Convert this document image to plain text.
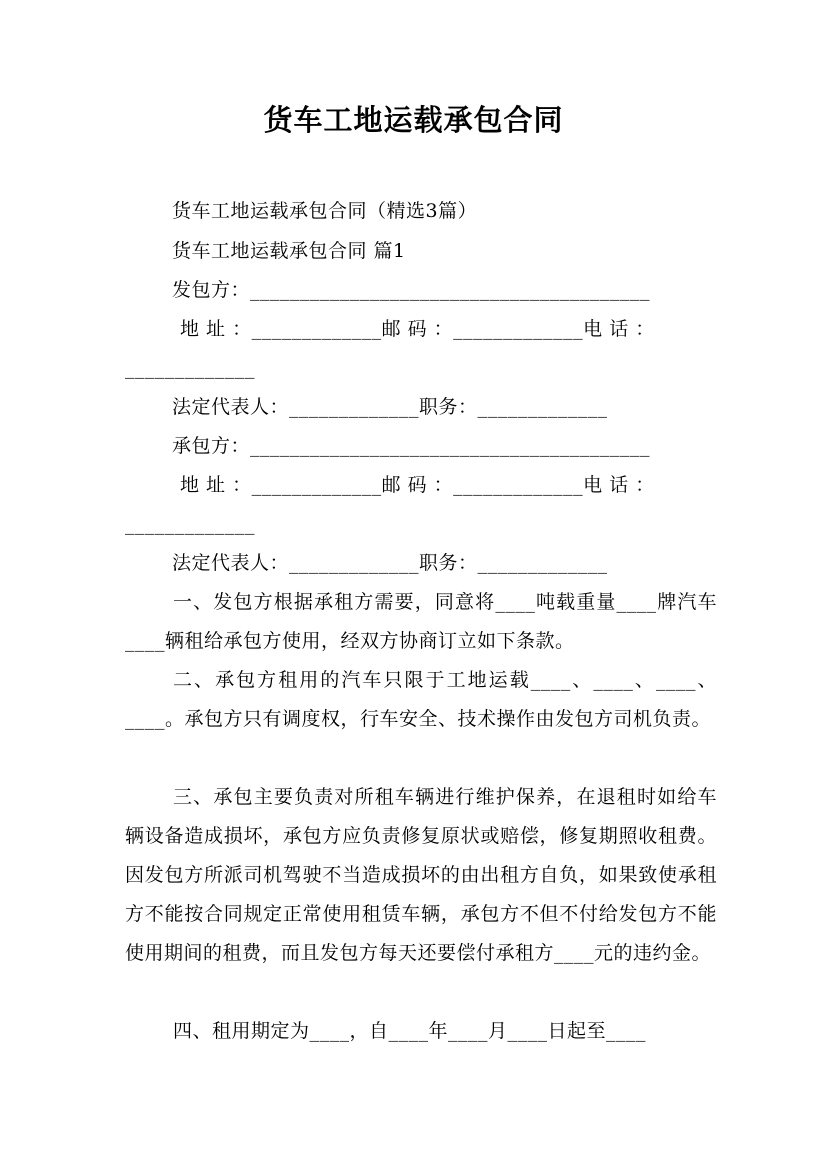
货车工地运载承包合同
货车工地运载承包合同（精选3篇）
货车工地运载承包合同 篇1
发包方：________________________________________
地 址 ：_____________邮 码 ：_____________电 话 ：
_____________
法定代表人：_____________职务：_____________
承包方：________________________________________
地 址 ：_____________邮 码 ：_____________电 话 ：
_____________
法定代表人：_____________职务：_____________
一、发包方根据承租方需要，同意将____吨载重量____牌汽车____辆租给承包方使用，经双方协商订立如下条款。
二、承包方租用的汽车只限于工地运载____、____、____、____。承包方只有调度权，行车安全、技术操作由发包方司机负责。
三、承包主要负责对所租车辆进行维护保养，在退租时如给车辆设备造成损坏，承包方应负责修复原状或赔偿，修复期照收租费。因发包方所派司机驾驶不当造成损坏的由出租方自负，如果致使承租方不能按合同规定正常使用租赁车辆，承包方不但不付给发包方不能使用期间的租费，而且发包方每天还要偿付承租方____元的违约金。
四、租用期定为____，自____年____月____日起至____
